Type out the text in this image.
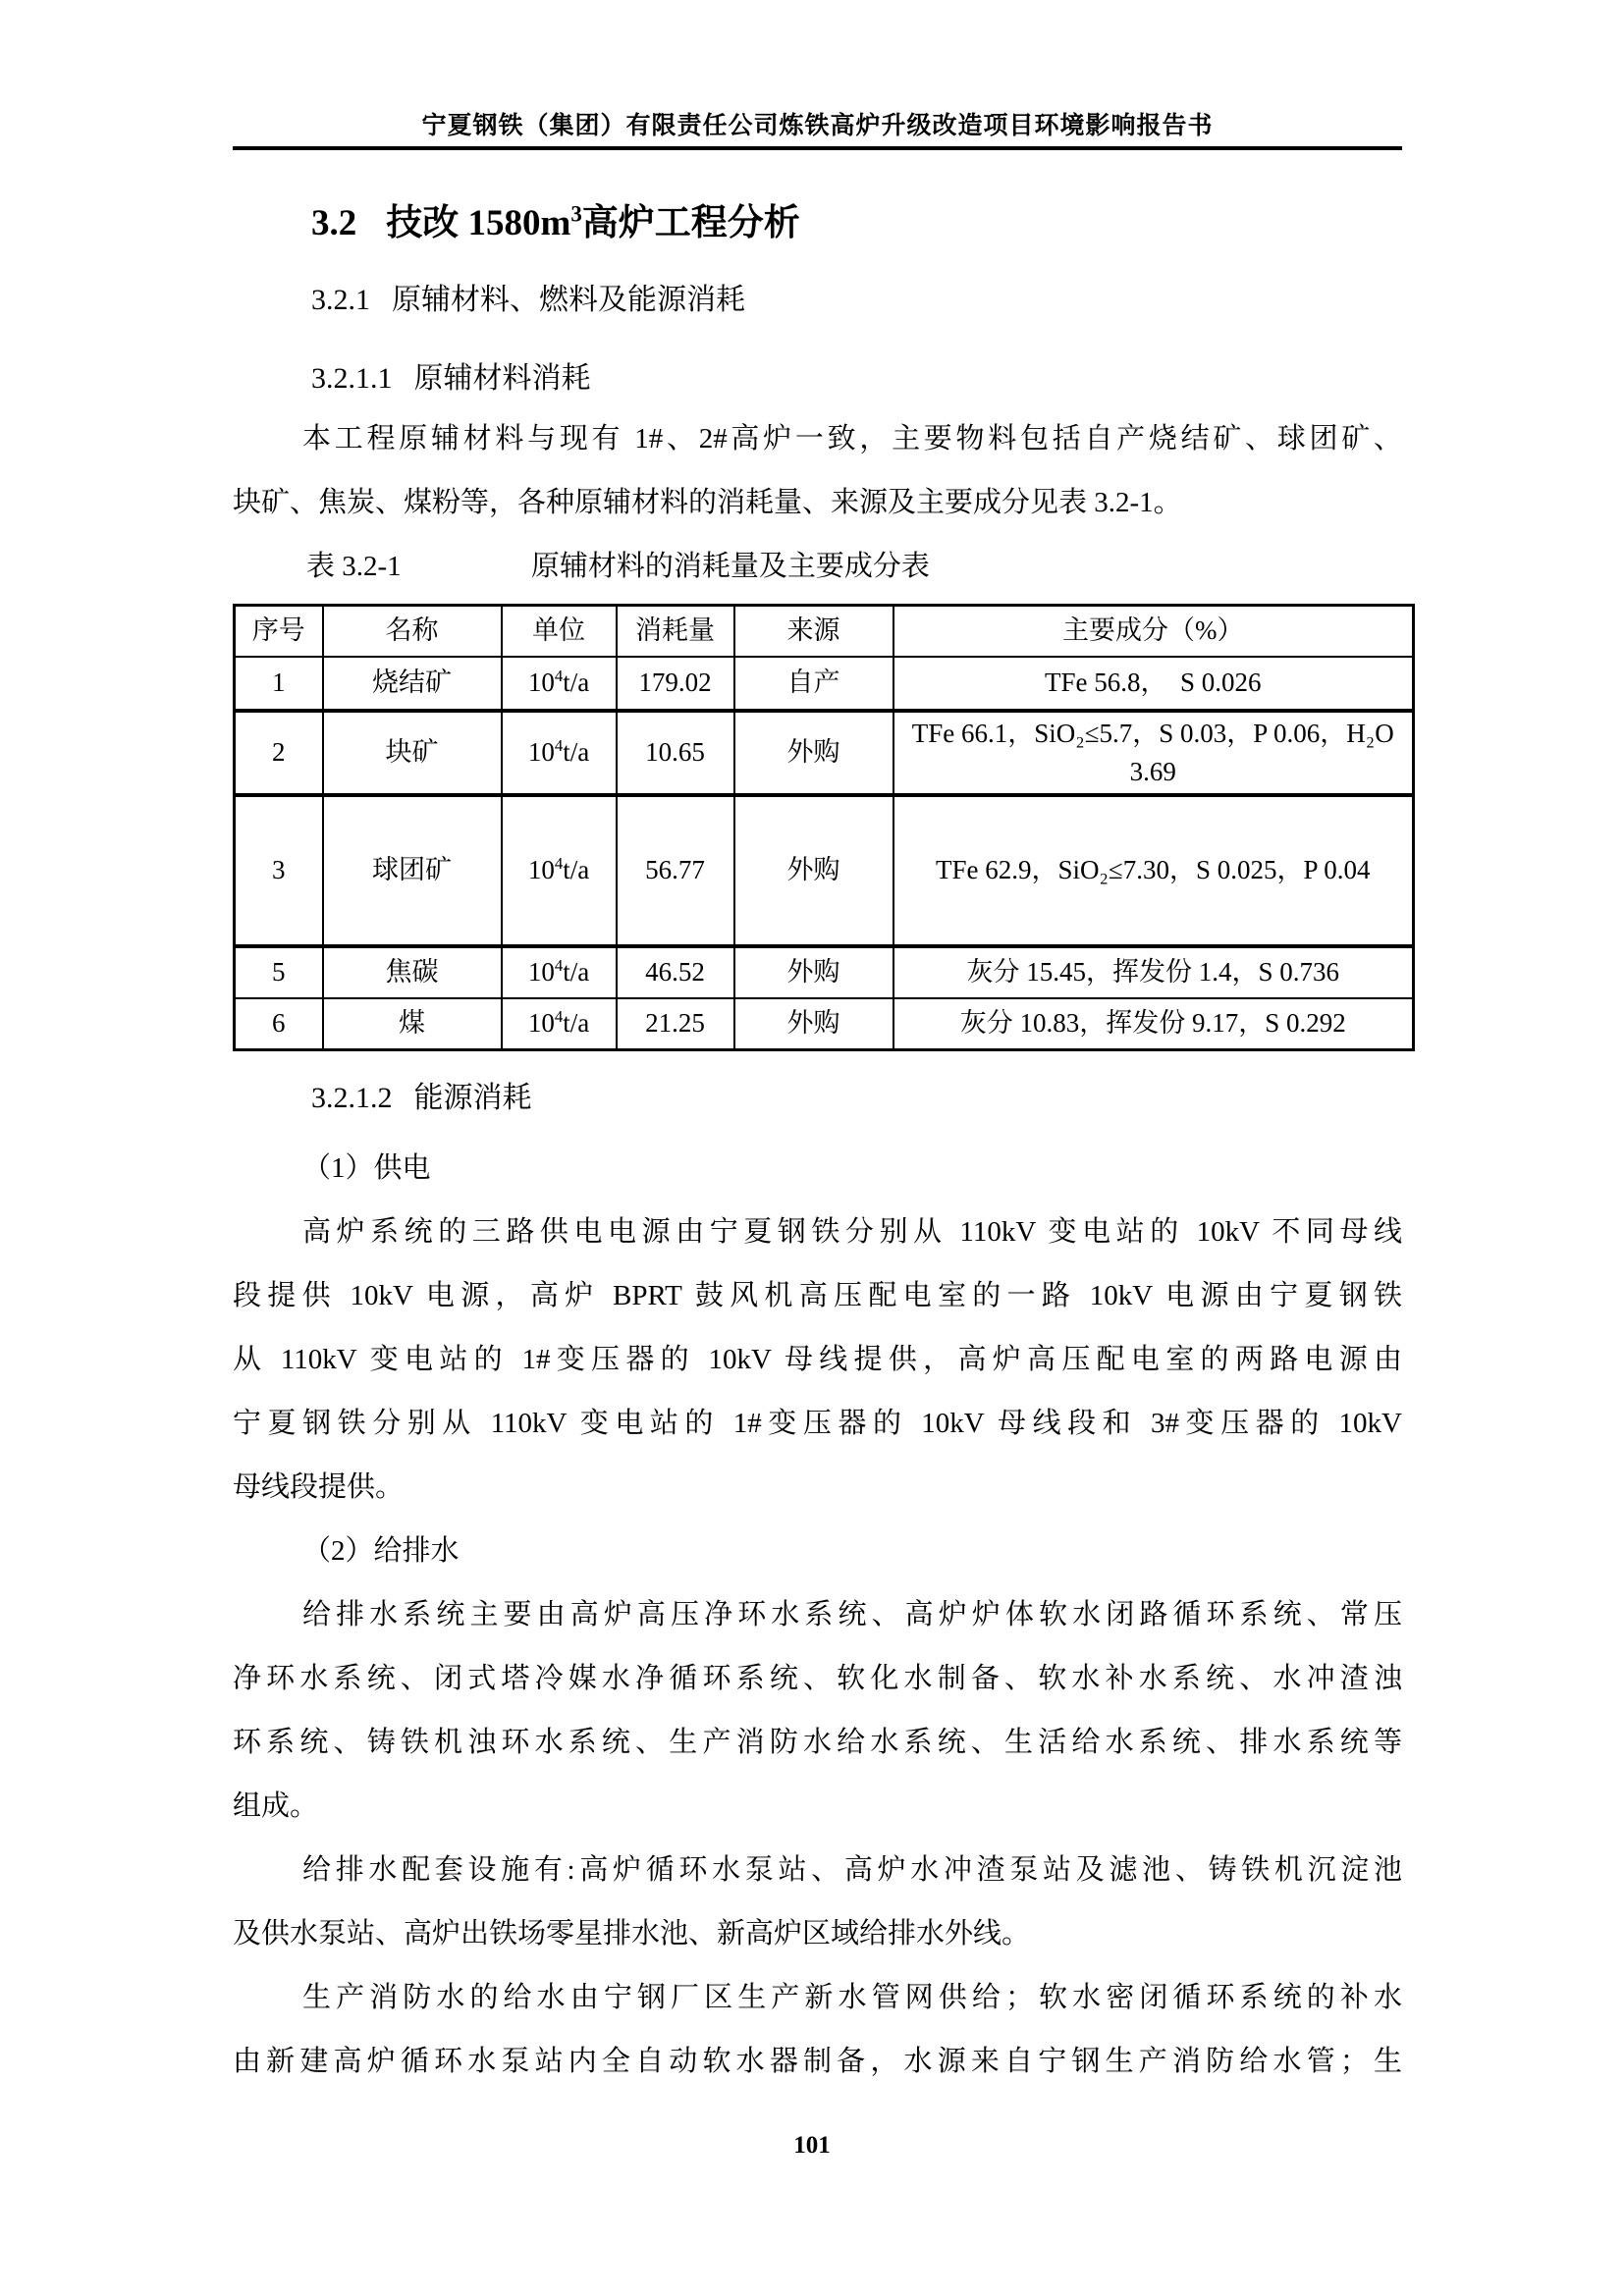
宁夏钢铁（集团）有限责任公司炼铁高炉升级改造项目环境影响报告书
3.2 技改 $1580m^3$高炉工程分析
3.2.1 原辅材料、燃料及能源消耗
3.2.1.1 原辅材料消耗
本工程原辅材料与现有 1#、2#高炉一致，主要物料包括自产烧结矿、球团矿、
块矿、焦炭、煤粉等，各种原辅材料的消耗量、来源及主要成分见表 3.2-1。
表 3.2-1	原辅材料的消耗量及主要成分表
序号	名称	单位	消耗量	来源	主要成分（%）
1	烧结矿	$10^4t/a$	179.02	自产	TFe 56.8，　S 0.026
2	块矿	$10^4t/a$	10.65	外购	TFe 66.1，SiO₂≤5.7，S 0.03，P 0.06，H₂O 3.69
3	球团矿	$10^4t/a$	56.77	外购	TFe 62.9，SiO₂≤7.30，S 0.025，P 0.04
5	焦碳	$10^4t/a$	46.52	外购	灰分 15.45，挥发份 1.4，S 0.736
6	煤	$10^4t/a$	21.25	外购	灰分 10.83，挥发份 9.17，S 0.292
3.2.1.2 能源消耗
（1）供电
高炉系统的三路供电电源由宁夏钢铁分别从 110kV 变电站的 10kV 不同母线
段提供 10kV 电源，高炉 BPRT 鼓风机高压配电室的一路 10kV 电源由宁夏钢铁
从 110kV 变电站的 1#变压器的 10kV 母线提供，高炉高压配电室的两路电源由
宁夏钢铁分别从 110kV 变电站的 1#变压器的 10kV 母线段和 3#变压器的 10kV
母线段提供。
（2）给排水
给排水系统主要由高炉高压净环水系统、高炉炉体软水闭路循环系统、常压
净环水系统、闭式塔冷媒水净循环系统、软化水制备、软水补水系统、水冲渣浊
环系统、铸铁机浊环水系统、生产消防水给水系统、生活给水系统、排水系统等
组成。
给排水配套设施有:高炉循环水泵站、高炉水冲渣泵站及滤池、铸铁机沉淀池
及供水泵站、高炉出铁场零星排水池、新高炉区域给排水外线。
生产消防水的给水由宁钢厂区生产新水管网供给；软水密闭循环系统的补水
由新建高炉循环水泵站内全自动软水器制备，水源来自宁钢生产消防给水管；生
101
